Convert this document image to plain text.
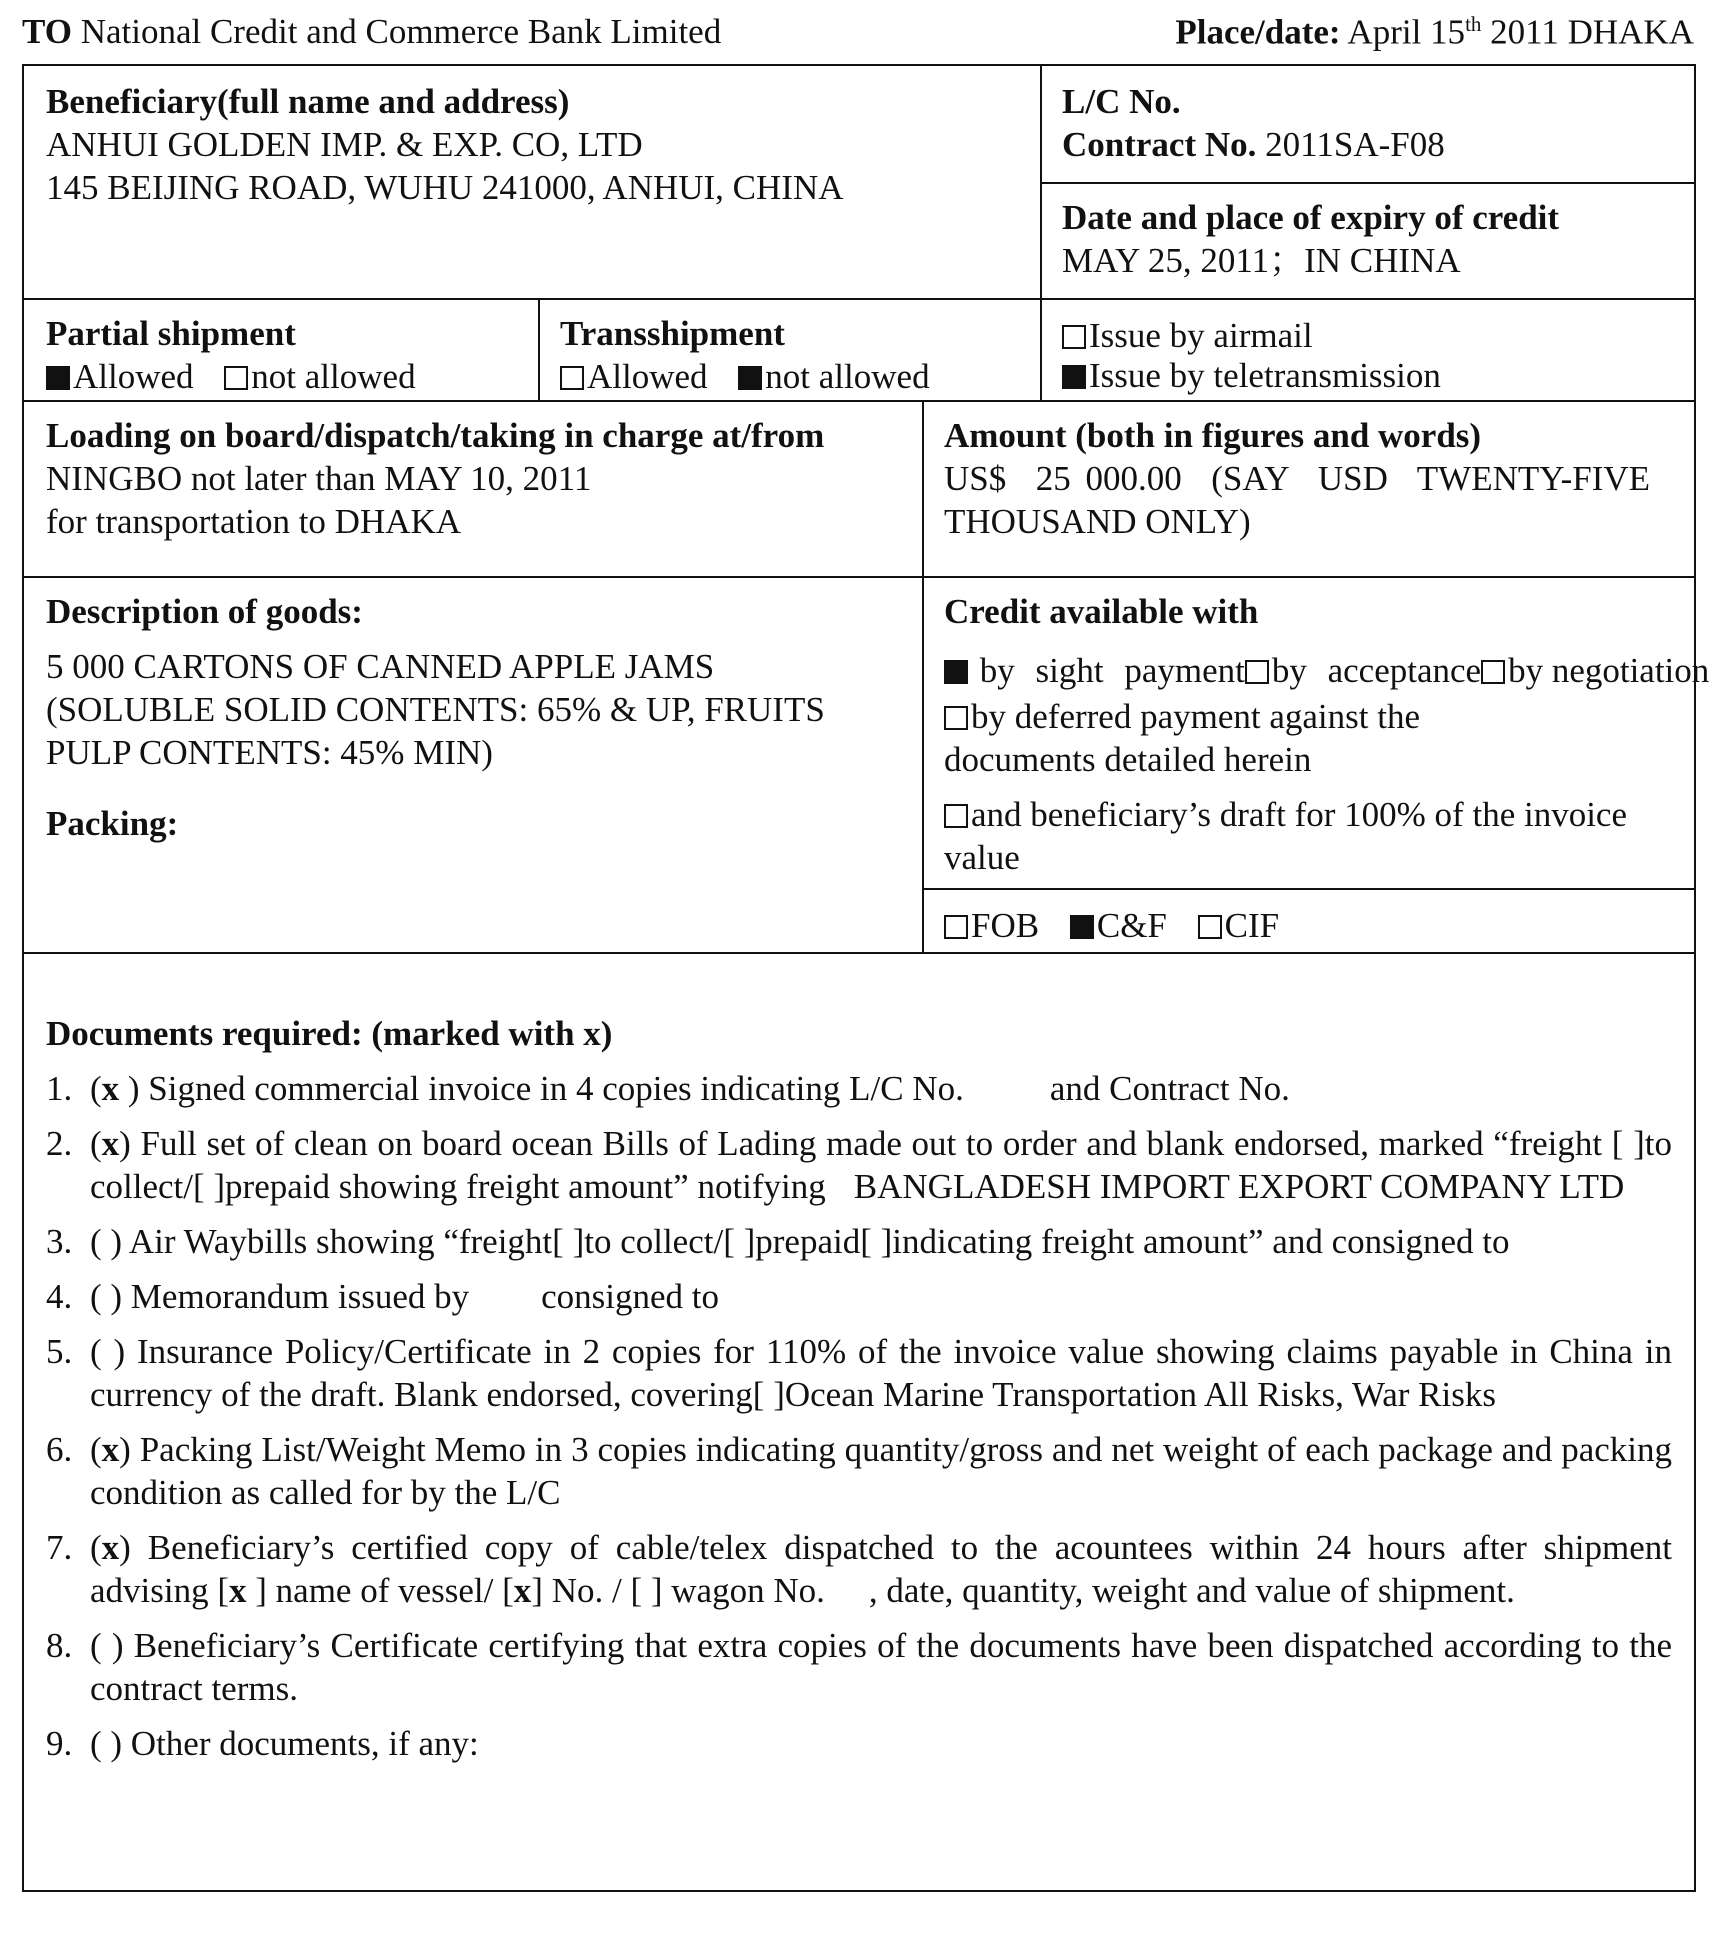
TO National Credit and Commerce Bank Limited	Place/date: April 15th 2011 DHAKA
Beneficiary(full name and address)
ANHUI GOLDEN IMP. & EXP. CO, LTD
145 BEIJING ROAD, WUHU 241000, ANHUI, CHINA
L/C No.
Contract No. 2011SA-F08
Date and place of expiry of credit
MAY 25, 2011；IN CHINA
Partial shipment
Allowed not allowed
Transshipment
Allowed not allowed
Issue by airmail
Issue by teletransmission
Loading on board/dispatch/taking in charge at/from
NINGBO not later than MAY 10, 2011
for transportation to DHAKA
Amount (both in figures and words)
US$  25 000.00  (SAY  USD  TWENTY-FIVE
THOUSAND ONLY)
Description of goods:
5 000 CARTONS OF CANNED APPLE JAMS
(SOLUBLE SOLID CONTENTS: 65% & UP, FRUITS
PULP CONTENTS: 45% MIN)
Packing:
Credit available with
by sight payment by acceptance by negotiation
by deferred payment against the
documents detailed herein
and beneficiary’s draft for 100% of the invoice
value
FOB C&F CIF
Documents required: (marked with x)
1. (x ) Signed commercial invoice in 4 copies indicating L/C No. and Contract No.
2. (x) Full set of clean on board ocean Bills of Lading made out to order and blank endorsed, marked “freight [ ]to collect/[ ]prepaid showing freight amount” notifying BANGLADESH IMPORT EXPORT COMPANY LTD
3. ( ) Air Waybills showing “freight[ ]to collect/[ ]prepaid[ ]indicating freight amount” and consigned to
4. ( ) Memorandum issued by consigned to
5. ( ) Insurance Policy/Certificate in 2 copies for 110% of the invoice value showing claims payable in China in currency of the draft. Blank endorsed, covering[ ]Ocean Marine Transportation All Risks, War Risks
6. (x) Packing List/Weight Memo in 3 copies indicating quantity/gross and net weight of each package and packing condition as called for by the L/C
7. (x) Beneficiary’s certified copy of cable/telex dispatched to the acountees within 24 hours after shipment advising [x ] name of vessel/ [x] No. / [ ] wagon No. , date, quantity, weight and value of shipment.
8. ( ) Beneficiary’s Certificate certifying that extra copies of the documents have been dispatched according to the contract terms.
9. ( ) Other documents, if any:
